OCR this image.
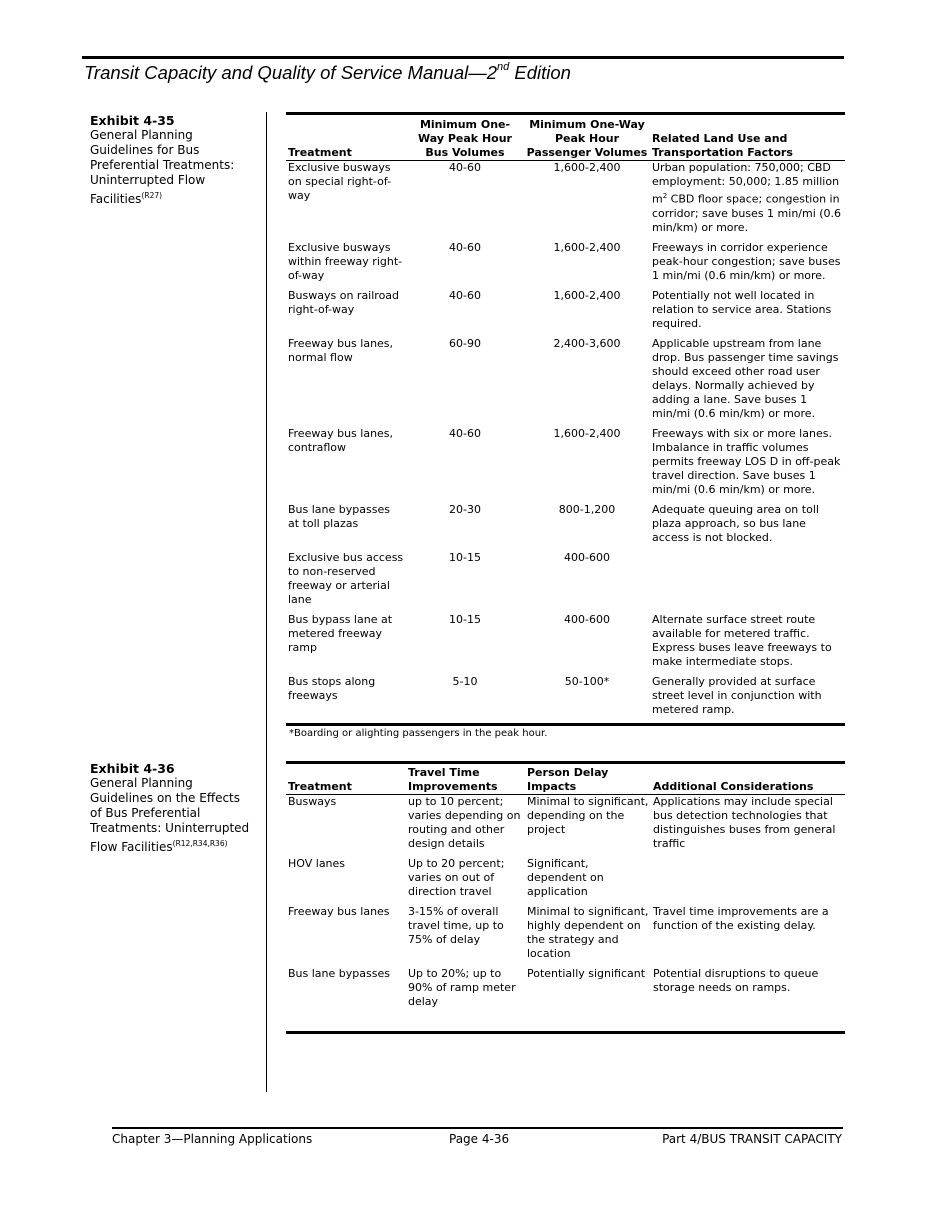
Transit Capacity and Quality of Service Manual—2nd Edition
Exhibit 4-35
General Planning Guidelines for Bus Preferential Treatments: Uninterrupted Flow Facilities$^{(R27)}$
Treatment	Minimum One-Way Peak Hour Bus Volumes	Minimum One-Way Peak Hour Passenger Volumes	Related Land Use and Transportation Factors
Exclusive busways on special right-of-way	40-60	1,600-2,400	Urban population: 750,000; CBD employment: 50,000; 1.85 million $m^2$ CBD floor space; congestion in corridor; save buses 1 min/mi (0.6 min/km) or more.
Exclusive busways within freeway right-of-way	40-60	1,600-2,400	Freeways in corridor experience peak-hour congestion; save buses 1 min/mi (0.6 min/km) or more.
Busways on railroad right-of-way	40-60	1,600-2,400	Potentially not well located in relation to service area. Stations required.
Freeway bus lanes, normal flow	60-90	2,400-3,600	Applicable upstream from lane drop. Bus passenger time savings should exceed other road user delays. Normally achieved by adding a lane. Save buses 1 min/mi (0.6 min/km) or more.
Freeway bus lanes, contraflow	40-60	1,600-2,400	Freeways with six or more lanes. Imbalance in traffic volumes permits freeway LOS D in off-peak travel direction. Save buses 1 min/mi (0.6 min/km) or more.
Bus lane bypasses at toll plazas	20-30	800-1,200	Adequate queuing area on toll plaza approach, so bus lane access is not blocked.
Exclusive bus access to non-reserved freeway or arterial lane	10-15	400-600	
Bus bypass lane at metered freeway ramp	10-15	400-600	Alternate surface street route available for metered traffic. Express buses leave freeways to make intermediate stops.
Bus stops along freeways	5-10	50-100*	Generally provided at surface street level in conjunction with metered ramp.
*Boarding or alighting passengers in the peak hour.
Exhibit 4-36
General Planning Guidelines on the Effects of Bus Preferential Treatments: Uninterrupted Flow Facilities$^{(R12,R34,R36)}$
Treatment	Travel Time Improvements	Person Delay Impacts	Additional Considerations
Busways	up to 10 percent; varies depending on routing and other design details	Minimal to significant, depending on the project	Applications may include special bus detection technologies that distinguishes buses from general traffic
HOV lanes	Up to 20 percent; varies on out of direction travel	Significant, dependent on application	
Freeway bus lanes	3-15% of overall travel time, up to 75% of delay	Minimal to significant, highly dependent on the strategy and location	Travel time improvements are a function of the existing delay.
Bus lane bypasses	Up to 20%; up to 90% of ramp meter delay	Potentially significant	Potential disruptions to queue storage needs on ramps.
Chapter 3—Planning Applications	Page 4-36	Part 4/BUS TRANSIT CAPACITY
